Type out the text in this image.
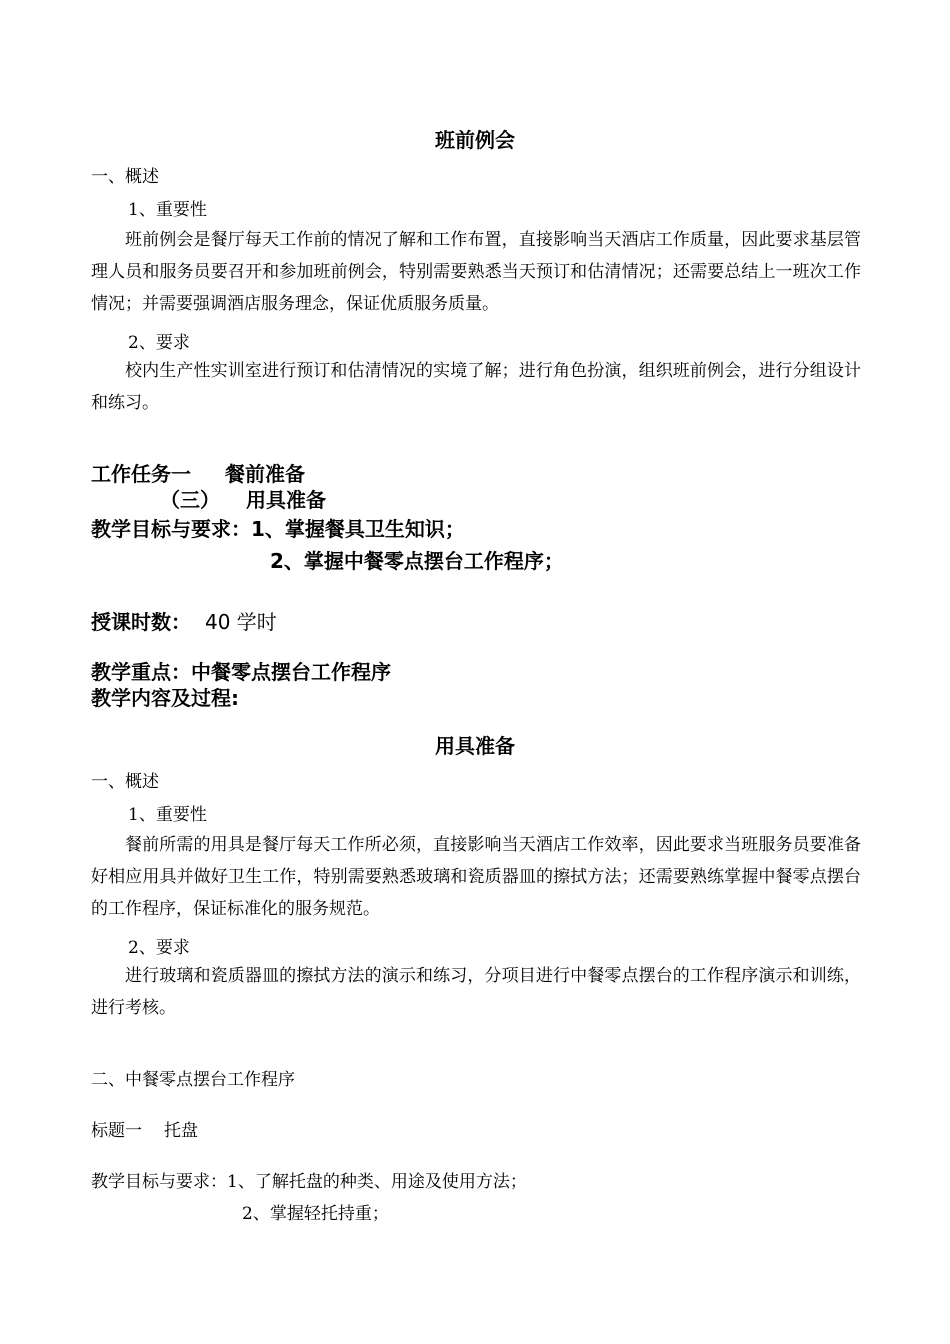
班前例会
一、概述
1、重要性
班前例会是餐厅每天工作前的情况了解和工作布置，直接影响当天酒店工作质量，因此要求基层管理人员和服务员要召开和参加班前例会，特别需要熟悉当天预订和估清情况；还需要总结上一班次工作情况；并需要强调酒店服务理念，保证优质服务质量。
2、要求
校内生产性实训室进行预订和估清情况的实境了解；进行角色扮演，组织班前例会，进行分组设计和练习。
工作任务一 餐前准备
（三） 用具准备
教学目标与要求：1、掌握餐具卫生知识；
2、掌握中餐零点摆台工作程序；
授课时数： 40 学时
教学重点：中餐零点摆台工作程序
教学内容及过程:
用具准备
一、概述
1、重要性
餐前所需的用具是餐厅每天工作所必须，直接影响当天酒店工作效率，因此要求当班服务员要准备好相应用具并做好卫生工作，特别需要熟悉玻璃和瓷质器皿的擦拭方法；还需要熟练掌握中餐零点摆台的工作程序，保证标准化的服务规范。
2、要求
进行玻璃和瓷质器皿的擦拭方法的演示和练习，分项目进行中餐零点摆台的工作程序演示和训练，进行考核。
二、中餐零点摆台工作程序
标题一 托盘
教学目标与要求：1、了解托盘的种类、用途及使用方法；
2、掌握轻托持重；
